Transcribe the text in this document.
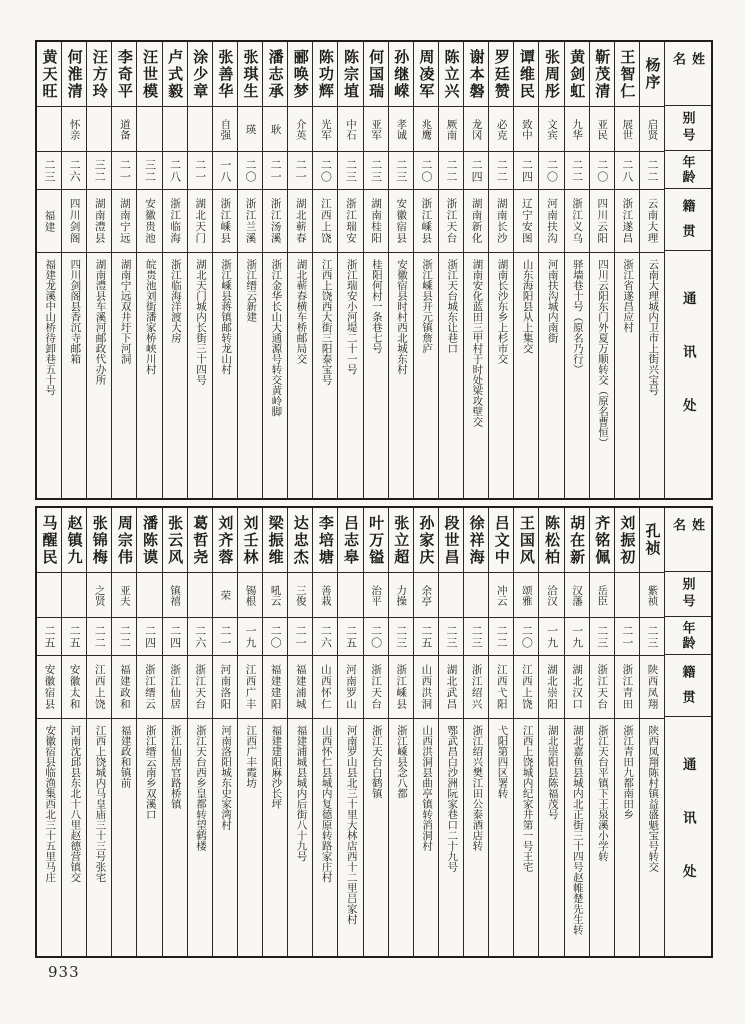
姓名
别号
年龄
籍贯
通讯处
杨序
启贤
二二
云南大理
云南大理城内卫市上街兴宝号
王智仁
展世
二八
浙江遂昌
浙江省遂昌应村
靳茂清
亚民
二〇
四川云阳
四川云阳东门外夏万顺转交（原名曹恒）
黄剑虹
九华
二二
浙江义乌
驿墙巷十号（原名乃行）
张周彤
文宾
二〇
河南扶沟
河南扶沟城内南街
谭维民
致中
二四
辽宁安图
山东海阳县从上集交
罗廷赞
必克
二二
湖南长沙
湖南长沙东乡上杉市交
谢本磐
龙冈
二四
湖南新化
湖南安化蓝田三甲村于时处梁攻壁交
陈立兴
厥南
二二
浙江天台
浙江天台城东让巷口
周凌军
兆鹰
二〇
浙江嵊县
浙江嵊县开元镇詹庐
孙继嵘
孝诚
二三
安徽宿县
安徽宿县时村西北城东村
何国瑞
亚军
二三
湖南桂阳
桂阳何村一条巷七号
陈宗埴
中石
二三
浙江瑞安
浙江瑞安小河堤二十一号
陈功辉
光军
二〇
江西上饶
江西上饶西大街三阳泰宝号
郦唤梦
介英
二一
湖北蕲春
湖北蕲春横车桥邮局交
潘志承
耿
二一
浙江汤溪
浙江金华长山大通源号转交黄岭脚
张琪生
瑛
二〇
浙江兰溪
浙江缙云新建
张善华
自强
一八
浙江嵊县
浙江嵊县蒋镇邮转龙山村
涂少章
二一
湖北天门
湖北天门城内长街三十四号
卢式毅
二八
浙江临海
浙江临海洋渡大房
汪世模
三二
安徽贵池
皖贵池刘街潘家桥峡川村
李奇平
道备
二一
湖南宁远
湖南宁远双井圩下河洞
汪方玲
三二
湖南澧县
湖南澧县车溪河邮政代办所
何淮清
怀亲
二六
四川剑阁
四川剑阁县香沉寺邮箱
黄天旺
二三
福建
福建龙溪中山桥待卸巷五十号
姓名
别号
年龄
籍贯
通讯处
孔祯
紫祯
二三
陕西凤翔
陕西凤翔陈村镇益盛魁宝号转交
刘振初
二一
浙江青田
浙江青田九都南田乡
齐铭佩
岳臣
二三
浙江天台
浙江天台平镇下王泉溪小学转
胡在新
汉藩
一九
湖北汉口
湖北嘉鱼县城内北正街三十四号赵帷楚先生转
陈松柏
洽汉
一九
湖北崇阳
湖北崇阳县陈福茂号
王国风
颂雅
二〇
江西上饶
江西上饶城内纪家井第一号王宅
吕文中
冲云
二二
江西弋阳
弋阳第四区署转
徐祥海
二三
浙江绍兴
浙江绍兴樊江田公泰酒店转
段世昌
二三
湖北武昌
鄂武昌白沙洲阮家巷口二十九号
孙家庆
余亭
二五
山西洪洞
山西洪洞县曲亭镇转消洞村
张立超
力操
二三
浙江嵊县
浙江嵊县念八都
叶万镒
治平
二〇
浙江天台
浙江天台白鹤镇
吕志皋
二五
河南罗山
河南罗山县北三十里大林店西十二里吕家村
李培塘
善栽
二六
山西怀仁
山西怀仁县城内复德原转路家庄村
达忠杰
三俊
二一
福建浦城
福建浦城县城内后街八十九号
梁振维
吼云
二〇
福建建阳
福建建阳麻沙长坪
刘壬林
锡根
一九
江西广丰
江西广丰霞坊
刘齐蓉
荣
二一
河南洛阳
河南洛阳城东史家湾村
葛哲尧
二六
浙江天台
浙江天台西乡皇都转望鹤楼
张云风
镇禧
二四
浙江仙居
浙江仙居官路桥镇
潘陈谟
二四
浙江缙云
浙江缙云南乡双溪口
周宗伟
亚夫
二二
福建政和
福建政和镇前
张锦梅
之贤
二二
江西上饶
江西上饶城内马皇庙三十三号张宅
赵镇九
二五
安徽太和
河南沈邱县东北十八里赵德营镇交
马醒民
二五
安徽宿县
安徽宿县临渔集西北三十五里马庄
933
